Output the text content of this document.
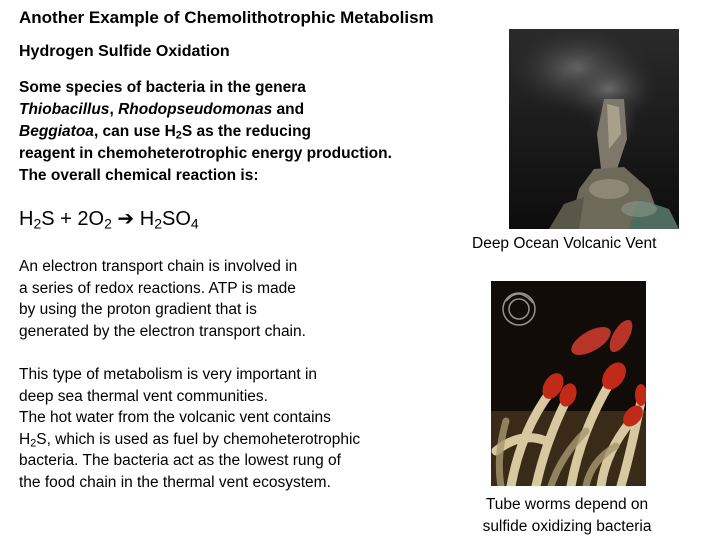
Another Example of Chemolithotrophic Metabolism
Hydrogen Sulfide Oxidation
Some species of bacteria in the genera
Thiobacillus, Rhodopseudomonas and
Beggiatoa, can use $H_2S$ as the reducing
reagent in chemoheterotrophic energy production.
The overall chemical reaction is:
$H_2S + 2O_2$ ➔ $H_2SO_4$
An electron transport chain is involved in
a series of redox reactions. ATP is made
by using the proton gradient that is
generated by the electron transport chain.
This type of metabolism is very important in
deep sea thermal vent communities.
The hot water from the volcanic vent contains
$H_2S$, which is used as fuel by chemoheterotrophic
bacteria. The bacteria act as the lowest rung of
the food chain in the thermal vent ecosystem.
Deep Ocean Volcanic Vent
Tube worms depend on
sulfide oxidizing bacteria
